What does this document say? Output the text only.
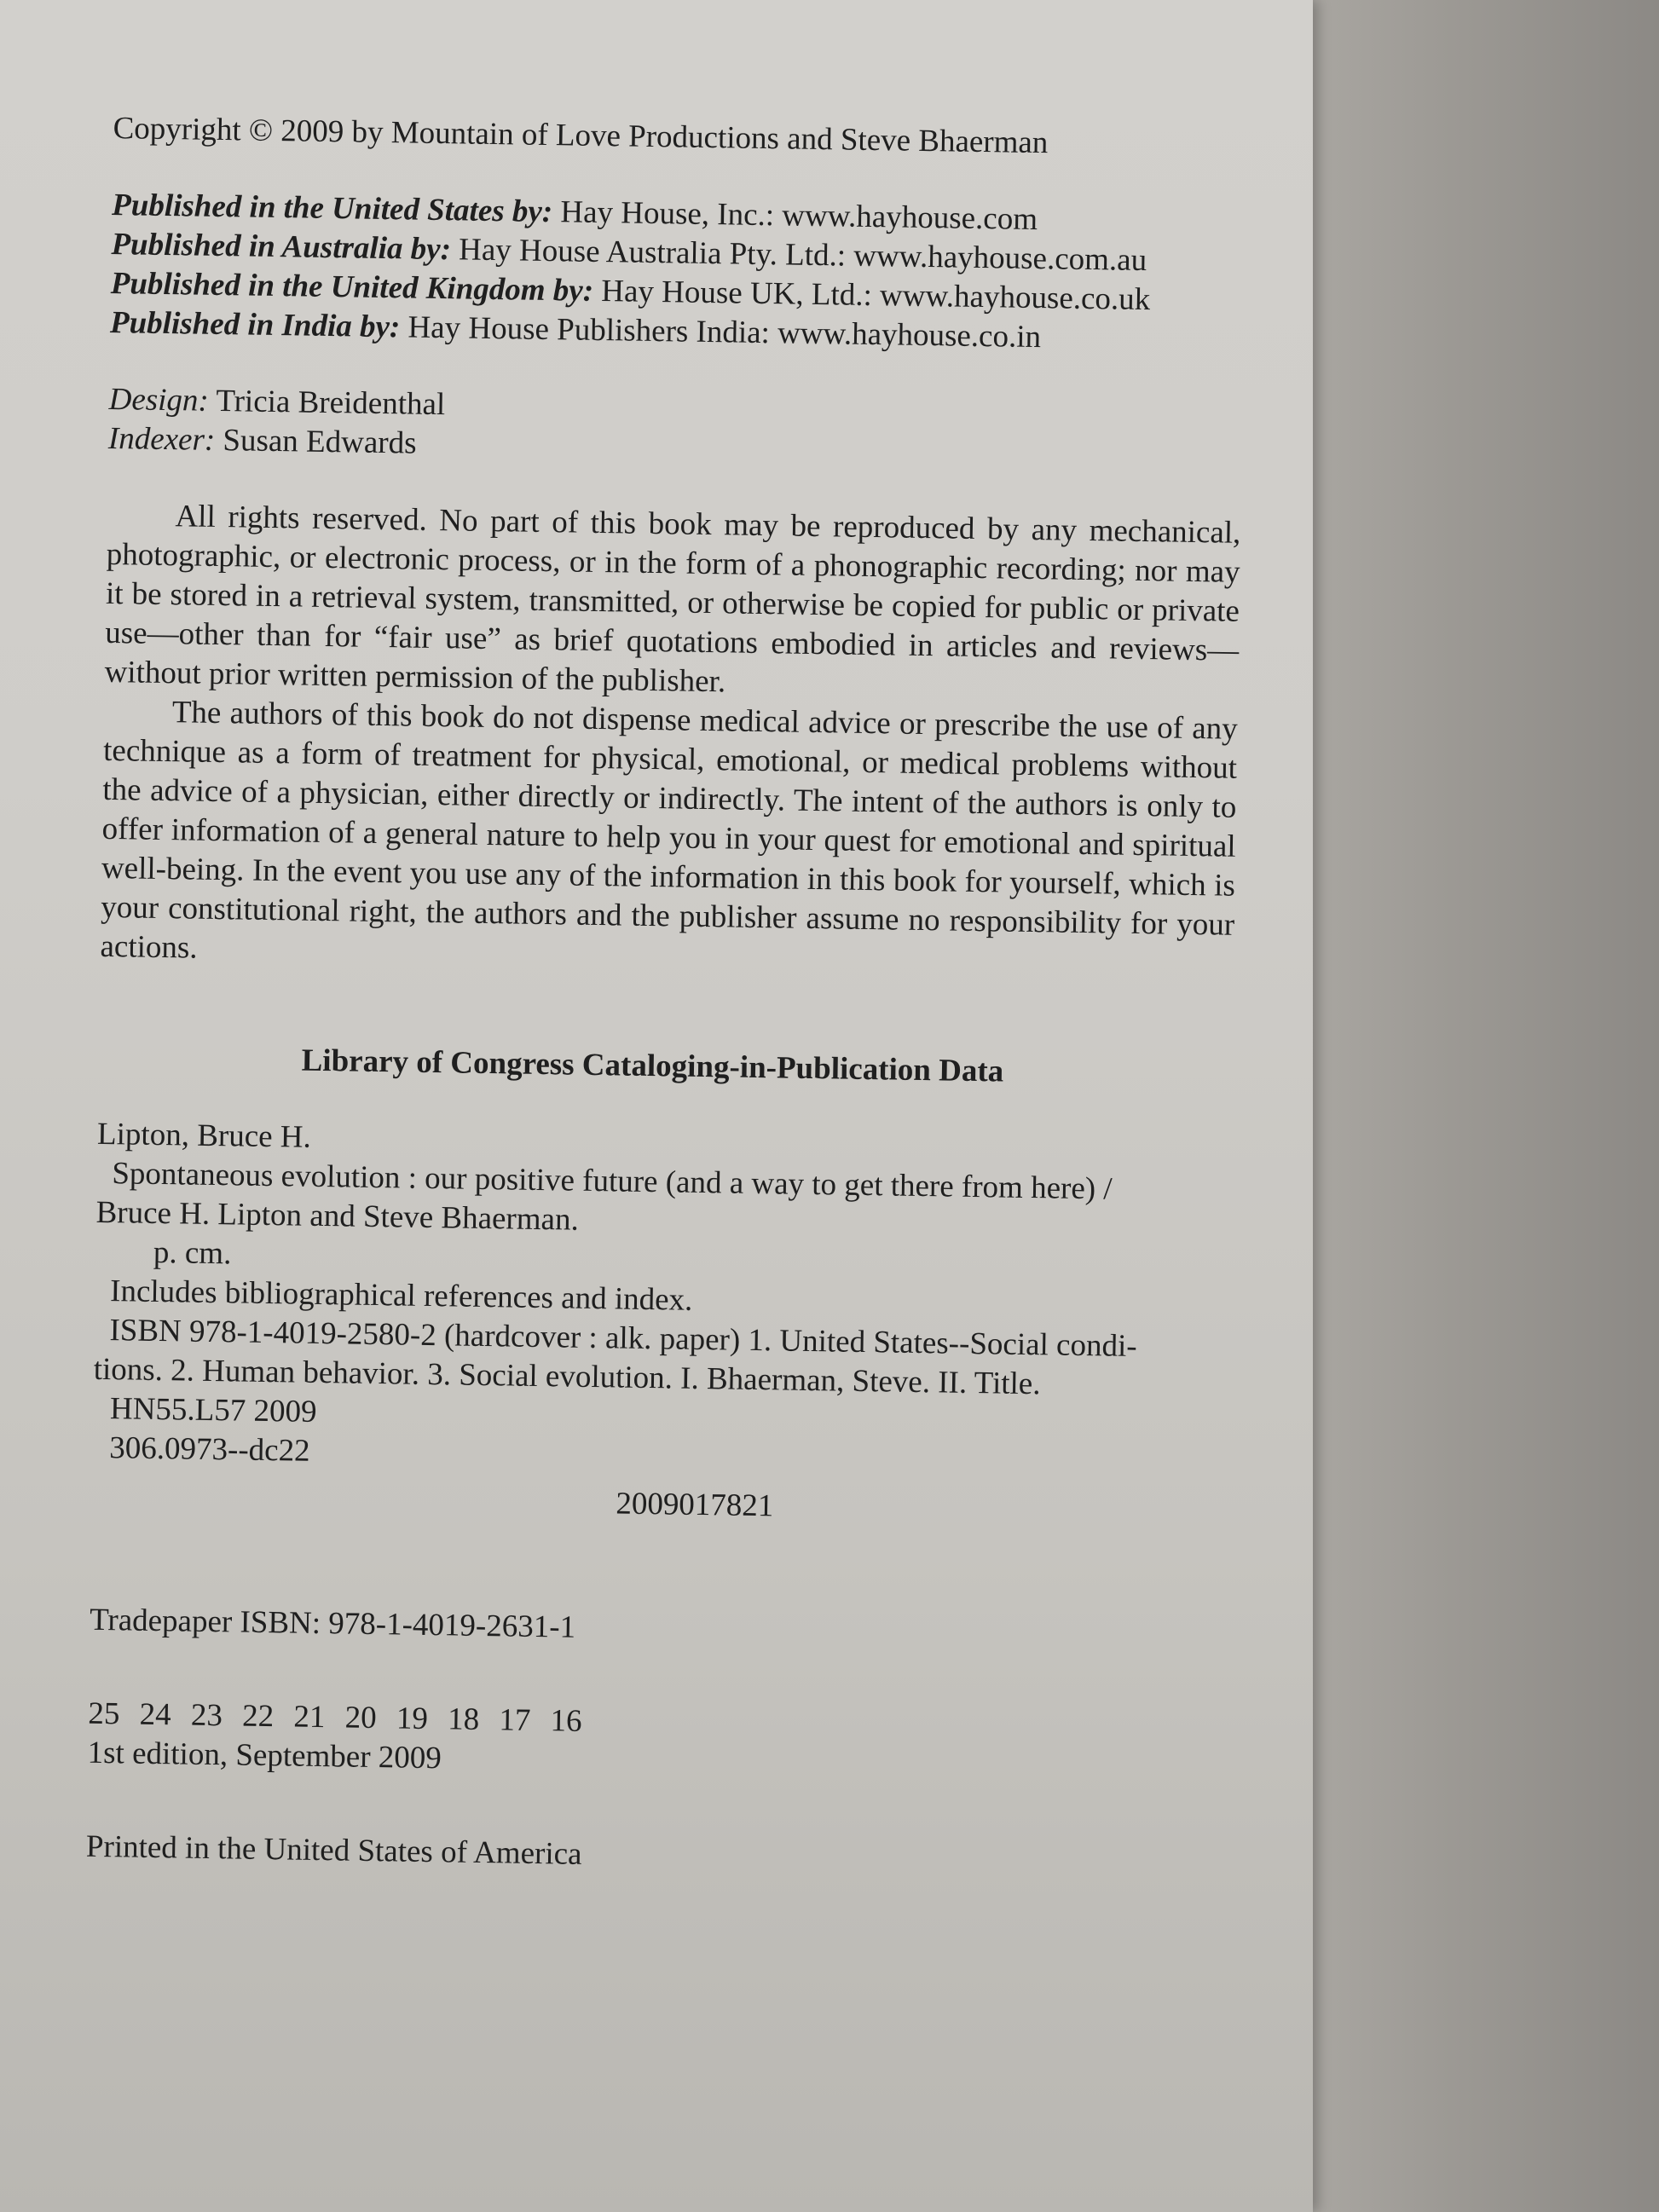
Copyright © 2009 by Mountain of Love Productions and Steve Bhaerman
Published in the United States by: Hay House, Inc.: www.hayhouse.com
Published in Australia by: Hay House Australia Pty. Ltd.: www.hayhouse.com.au
Published in the United Kingdom by: Hay House UK, Ltd.: www.hayhouse.co.uk
Published in India by: Hay House Publishers India: www.hayhouse.co.in
Design: Tricia Breidenthal
Indexer: Susan Edwards

All rights reserved. No part of this book may be reproduced by any mechanical, photographic, or electronic process, or in the form of a phonographic recording; nor may it be stored in a retrieval system, transmitted, or otherwise be copied for public or private use—other than for “fair use” as brief quotations embodied in articles and reviews—without prior written permission of the publisher.

The authors of this book do not dispense medical advice or prescribe the use of any technique as a form of treatment for physical, emotional, or medical problems without the advice of a physician, either directly or indirectly. The intent of the authors is only to offer information of a general nature to help you in your quest for emotional and spiritual well-being. In the event you use any of the information in this book for yourself, which is your constitutional right, the authors and the publisher assume no responsibility for your actions.

Library of Congress Cataloging-in-Publication Data
Lipton, Bruce H.
Spontaneous evolution : our positive future (and a way to get there from here) /
Bruce H. Lipton and Steve Bhaerman.
p. cm.
Includes bibliographical references and index.
ISBN 978-1-4019-2580-2 (hardcover : alk. paper) 1. United States--Social condi-
tions. 2. Human behavior. 3. Social evolution. I. Bhaerman, Steve. II. Title.
HN55.L57 2009
306.0973--dc22
2009017821
Tradepaper ISBN: 978-1-4019-2631-1
25 24 23 22 21 20 19 18 17 16
1st edition, September 2009
Printed in the United States of America
